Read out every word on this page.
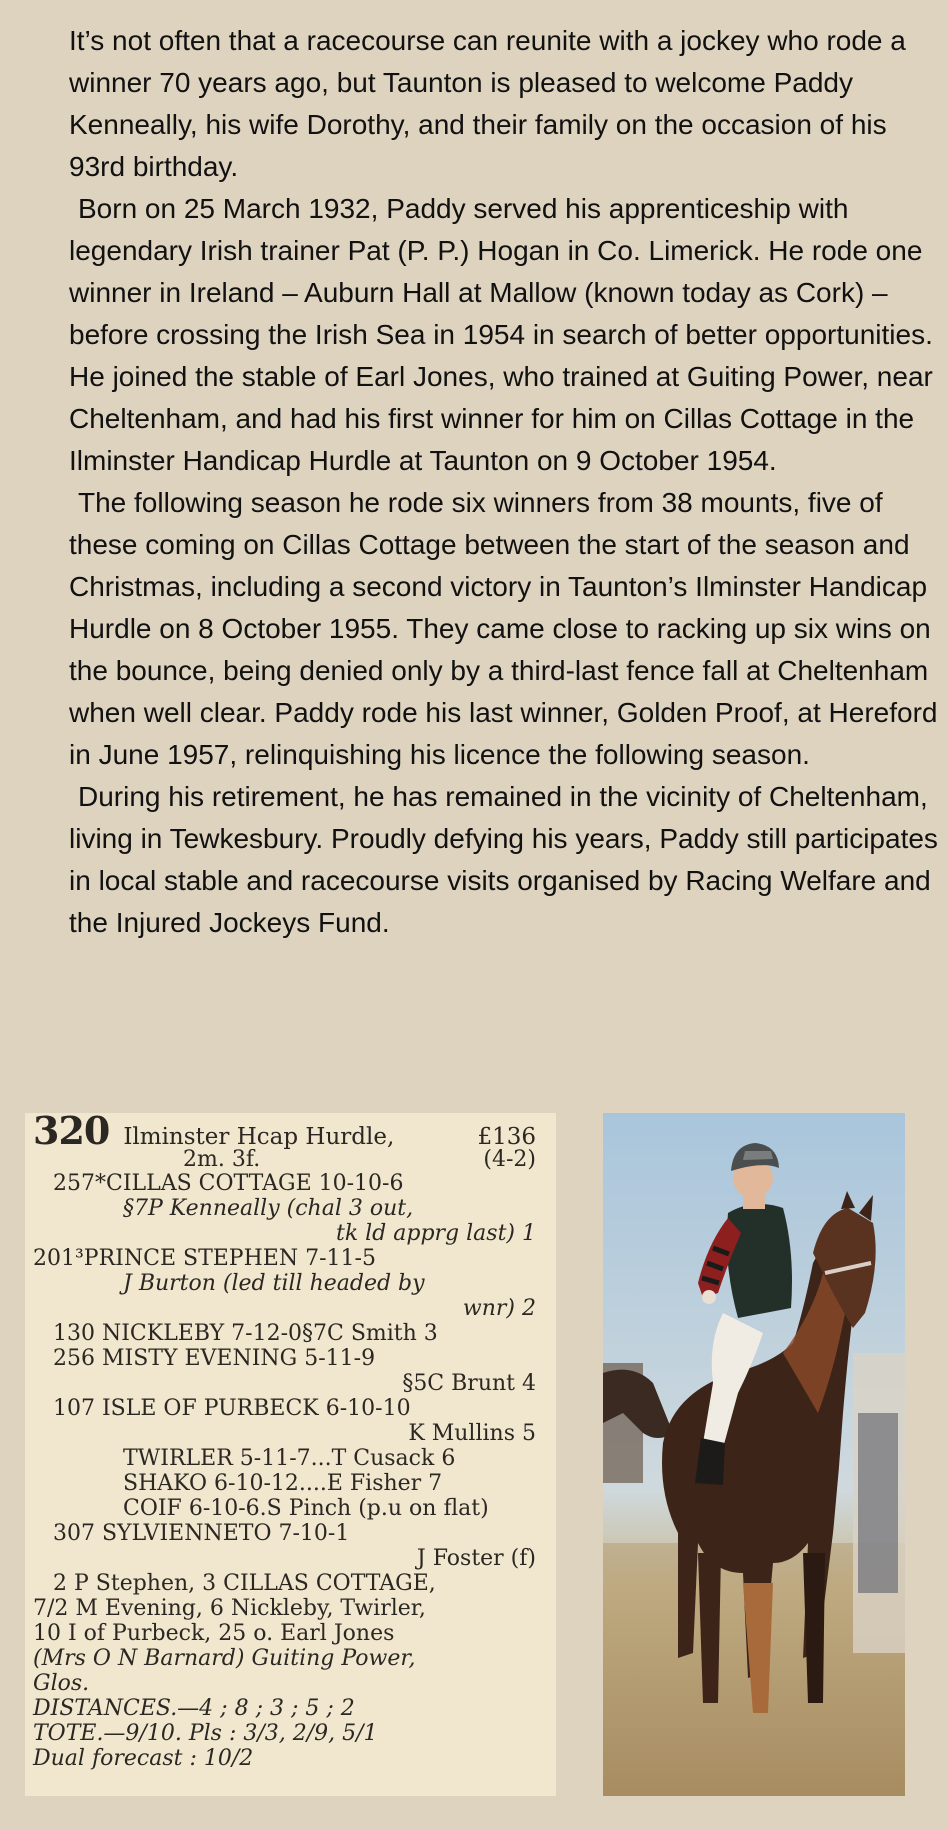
It’s not often that a racecourse can reunite with a jockey who rode a winner 70 years ago, but Taunton is pleased to welcome Paddy Kenneally, his wife Dorothy, and their family on the occasion of his 93rd birthday.

Born on 25 March 1932, Paddy served his apprenticeship with legendary Irish trainer Pat (P. P.) Hogan in Co. Limerick. He rode one winner in Ireland – Auburn Hall at Mallow (known today as Cork) – before crossing the Irish Sea in 1954 in search of better opportunities. He joined the stable of Earl Jones, who trained at Guiting Power, near Cheltenham, and had his first winner for him on Cillas Cottage in the Ilminster Handicap Hurdle at Taunton on 9 October 1954.

The following season he rode six winners from 38 mounts, five of these coming on Cillas Cottage between the start of the season and Christmas, including a second victory in Taunton’s Ilminster Handicap Hurdle on 8 October 1955. They came close to racking up six wins on the bounce, being denied only by a third-last fence fall at Cheltenham when well clear. Paddy rode his last winner, Golden Proof, at Hereford in June 1957, relinquishing his licence the following season.

During his retirement, he has remained in the vicinity of Cheltenham, living in Tewkesbury. Proudly defying his years, Paddy still participates in local stable and racecourse visits organised by Racing Welfare and the Injured Jockeys Fund.

320 Ilminster Hcap Hurdle,	£136
2m. 3f.	(4-2)
257*CILLAS COTTAGE 10-10-6
§7P Kenneally (chal 3 out,
tk ld apprg last) 1
201³PRINCE STEPHEN 7-11-5
J Burton (led till headed by
wnr) 2
130 NICKLEBY 7-12-0§7C Smith 3
256 MISTY EVENING 5-11-9
§5C Brunt 4
107 ISLE OF PURBECK 6-10-10
K Mullins 5
TWIRLER 5-11-7...T Cusack 6
SHAKO 6-10-12....E Fisher 7
COIF 6-10-6.S Pinch (p.u on flat)
307 SYLVIENNETO 7-10-1
J Foster (f)
2 P Stephen, 3 CILLAS COTTAGE,
7/2 M Evening, 6 Nickleby, Twirler,
10 I of Purbeck, 25 o. Earl Jones
(Mrs O N Barnard) Guiting Power,
Glos.
DISTANCES.—4 ; 8 ; 3 ; 5 ; 2
TOTE.—9/10. Pls : 3/3, 2/9, 5/1
Dual forecast : 10/2
